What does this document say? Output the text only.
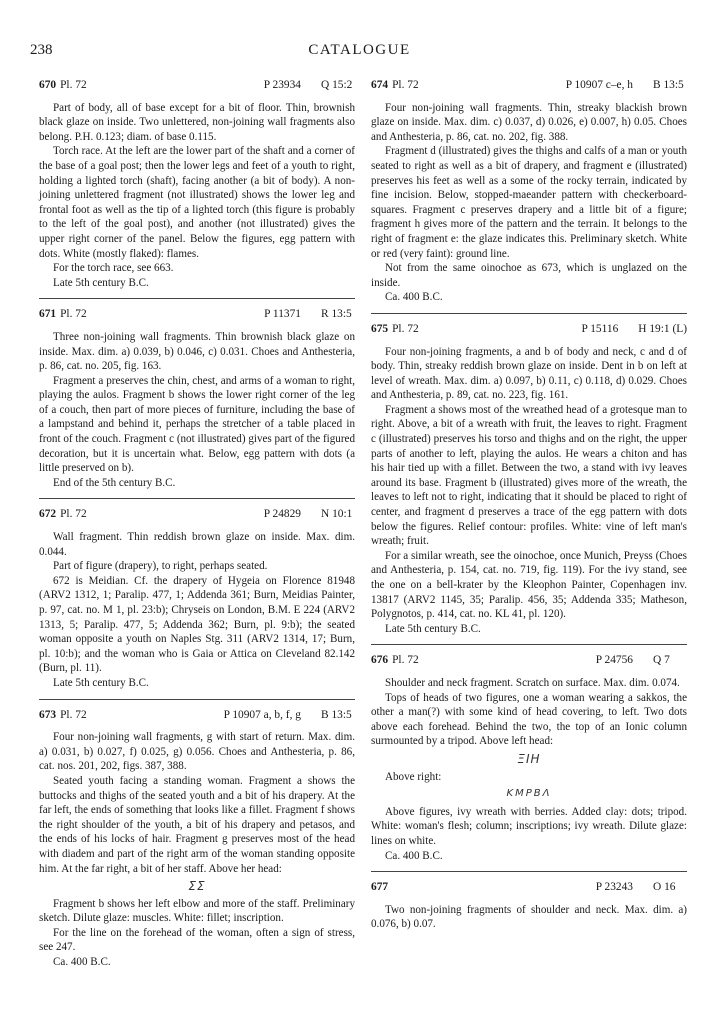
238	CATALOGUE
670 Pl. 72	P 23934 Q 15:2

Part of body, all of base except for a bit of floor. Thin, brownish black glaze on inside. Two unlettered, non-joining wall fragments also belong. P.H. 0.123; diam. of base 0.115.

Torch race. At the left are the lower part of the shaft and a corner of the base of a goal post; then the lower legs and feet of a youth to right, holding a lighted torch (shaft), facing another (a bit of body). A non-joining unlettered fragment (not illustrated) shows the lower leg and frontal foot as well as the tip of a lighted torch (this figure is probably to the left of the goal post), and another (not illustrated) gives the upper right corner of the panel. Below the figures, egg pattern with dots. White (mostly flaked): flames.

For the torch race, see 663.

Late 5th century B.C.

671 Pl. 72	P 11371 R 13:5

Three non-joining wall fragments. Thin brownish black glaze on inside. Max. dim. a) 0.039, b) 0.046, c) 0.031. Choes and Anthesteria, p. 86, cat. no. 205, fig. 163.

Fragment a preserves the chin, chest, and arms of a woman to right, playing the aulos. Fragment b shows the lower right corner of the leg of a couch, then part of more pieces of furniture, including the base of a lampstand and behind it, perhaps the stretcher of a table placed in front of the couch. Fragment c (not illustrated) gives part of the figured decoration, but it is uncertain what. Below, egg pattern with dots (a little preserved on b).

End of the 5th century B.C.

672 Pl. 72	P 24829 N 10:1

Wall fragment. Thin reddish brown glaze on inside. Max. dim. 0.044.

Part of figure (drapery), to right, perhaps seated.

672 is Meidian. Cf. the drapery of Hygeia on Florence 81948 (ARV2 1312, 1; Paralip. 477, 1; Addenda 361; Burn, Meidias Painter, p. 97, cat. no. M 1, pl. 23:b); Chryseis on London, B.M. E 224 (ARV2 1313, 5; Paralip. 477, 5; Addenda 362; Burn, pl. 9:b); the seated woman opposite a youth on Naples Stg. 311 (ARV2 1314, 17; Burn, pl. 10:b); and the woman who is Gaia or Attica on Cleveland 82.142 (Burn, pl. 11).

Late 5th century B.C.

673 Pl. 72	P 10907 a, b, f, g B 13:5

Four non-joining wall fragments, g with start of return. Max. dim. a) 0.031, b) 0.027, f) 0.025, g) 0.056. Choes and Anthesteria, p. 86, cat. nos. 201, 202, figs. 387, 388.

Seated youth facing a standing woman. Fragment a shows the buttocks and thighs of the seated youth and a bit of his drapery. At the far left, the ends of something that looks like a fillet. Fragment f shows the right shoulder of the youth, a bit of his drapery and petasos, and the ends of his locks of hair. Fragment g preserves most of the head with diadem and part of the right arm of the woman standing opposite him. At the far right, a bit of her staff. Above her head:

ΣΣ

Fragment b shows her left elbow and more of the staff. Preliminary sketch. Dilute glaze: muscles. White: fillet; inscription.

For the line on the forehead of the woman, often a sign of stress, see 247.

Ca. 400 B.C.

674 Pl. 72	P 10907 c–e, h B 13:5

Four non-joining wall fragments. Thin, streaky blackish brown glaze on inside. Max. dim. c) 0.037, d) 0.026, e) 0.007, h) 0.05. Choes and Anthesteria, p. 86, cat. no. 202, fig. 388.

Fragment d (illustrated) gives the thighs and calfs of a man or youth seated to right as well as a bit of drapery, and fragment e (illustrated) preserves his feet as well as a some of the rocky terrain, indicated by fine incision. Below, stopped-maeander pattern with checkerboard-squares. Fragment c preserves drapery and a little bit of a figure; fragment h gives more of the pattern and the terrain. It belongs to the right of fragment e: the glaze indicates this. Preliminary sketch. White or red (very faint): ground line.

Not from the same oinochoe as 673, which is unglazed on the inside.

Ca. 400 B.C.

675 Pl. 72	P 15116 H 19:1 (L)

Four non-joining fragments, a and b of body and neck, c and d of body. Thin, streaky reddish brown glaze on inside. Dent in b on left at level of wreath. Max. dim. a) 0.097, b) 0.11, c) 0.118, d) 0.029. Choes and Anthesteria, p. 89, cat. no. 223, fig. 161.

Fragment a shows most of the wreathed head of a grotesque man to right. Above, a bit of a wreath with fruit, the leaves to right. Fragment c (illustrated) preserves his torso and thighs and on the right, the upper parts of another to left, playing the aulos. He wears a chiton and has his hair tied up with a fillet. Between the two, a stand with ivy leaves around its base. Fragment b (illustrated) gives more of the wreath, the leaves to left not to right, indicating that it should be placed to right of center, and fragment d preserves a trace of the egg pattern with dots below the figures. Relief contour: profiles. White: vine of left man's wreath; fruit.

For a similar wreath, see the oinochoe, once Munich, Preyss (Choes and Anthesteria, p. 154, cat. no. 719, fig. 119). For the ivy stand, see the one on a bell-krater by the Kleophon Painter, Copenhagen inv. 13817 (ARV2 1145, 35; Paralip. 456, 35; Addenda 335; Matheson, Polygnotos, p. 414, cat. no. KL 41, pl. 120).

Late 5th century B.C.

676 Pl. 72	P 24756 Q 7

Shoulder and neck fragment. Scratch on surface. Max. dim. 0.074.

Tops of heads of two figures, one a woman wearing a sakkos, the other a man(?) with some kind of head covering, to left. Two dots above each forehead. Behind the two, the top of an Ionic column surmounted by a tripod. Above left head:

ΞΙΗ

Above right:

ΚΜΡΒΛ

Above figures, ivy wreath with berries. Added clay: dots; tripod. White: woman's flesh; column; inscriptions; ivy wreath. Dilute glaze: lines on white.

Ca. 400 B.C.

677	P 23243 O 16

Two non-joining fragments of shoulder and neck. Max. dim. a) 0.076, b) 0.07.
